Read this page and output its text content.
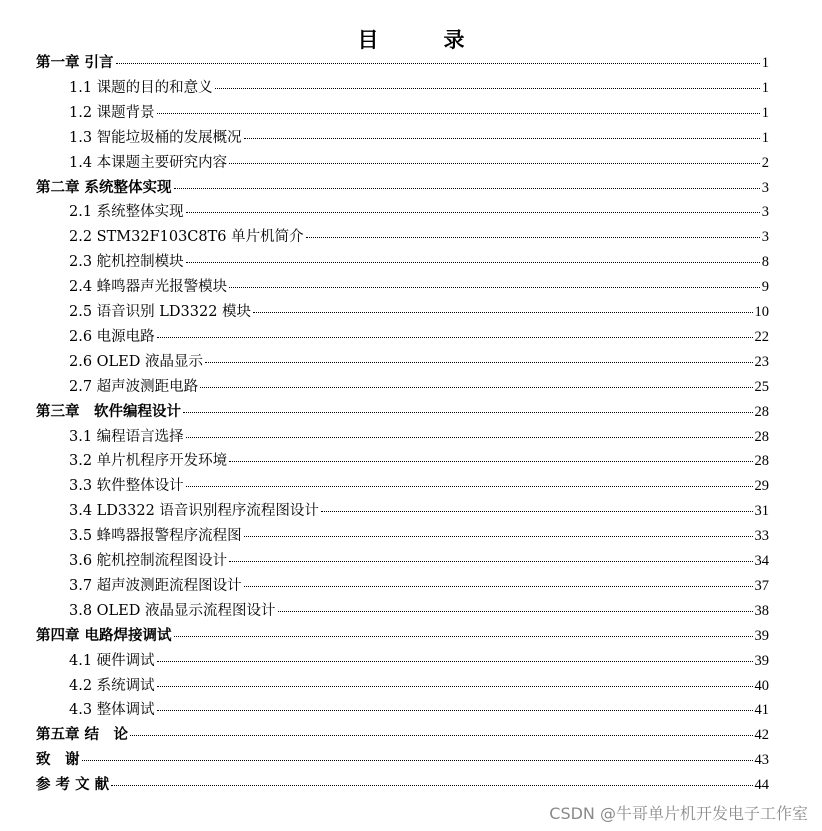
目　录
第一章 引言	1
1.1 课题的目的和意义	1
1.2 课题背景	1
1.3 智能垃圾桶的发展概况	1
1.4 本课题主要研究内容	2
第二章 系统整体实现	3
2.1 系统整体实现	3
2.2 STM32F103C8T6 单片机简介	3
2.3 舵机控制模块	8
2.4 蜂鸣器声光报警模块	9
2.5 语音识别 LD3322 模块	10
2.6 电源电路	22
2.6 OLED 液晶显示	23
2.7 超声波测距电路	25
第三章　软件编程设计	28
3.1 编程语言选择	28
3.2 单片机程序开发环境	28
3.3 软件整体设计	29
3.4 LD3322 语音识别程序流程图设计	31
3.5 蜂鸣器报警程序流程图	33
3.6 舵机控制流程图设计	34
3.7 超声波测距流程图设计	37
3.8 OLED 液晶显示流程图设计	38
第四章 电路焊接调试	39
4.1 硬件调试	39
4.2 系统调试	40
4.3 整体调试	41
第五章 结　论	42
致　谢	43
参 考 文 献	44
CSDN @牛哥单片机开发电子工作室
